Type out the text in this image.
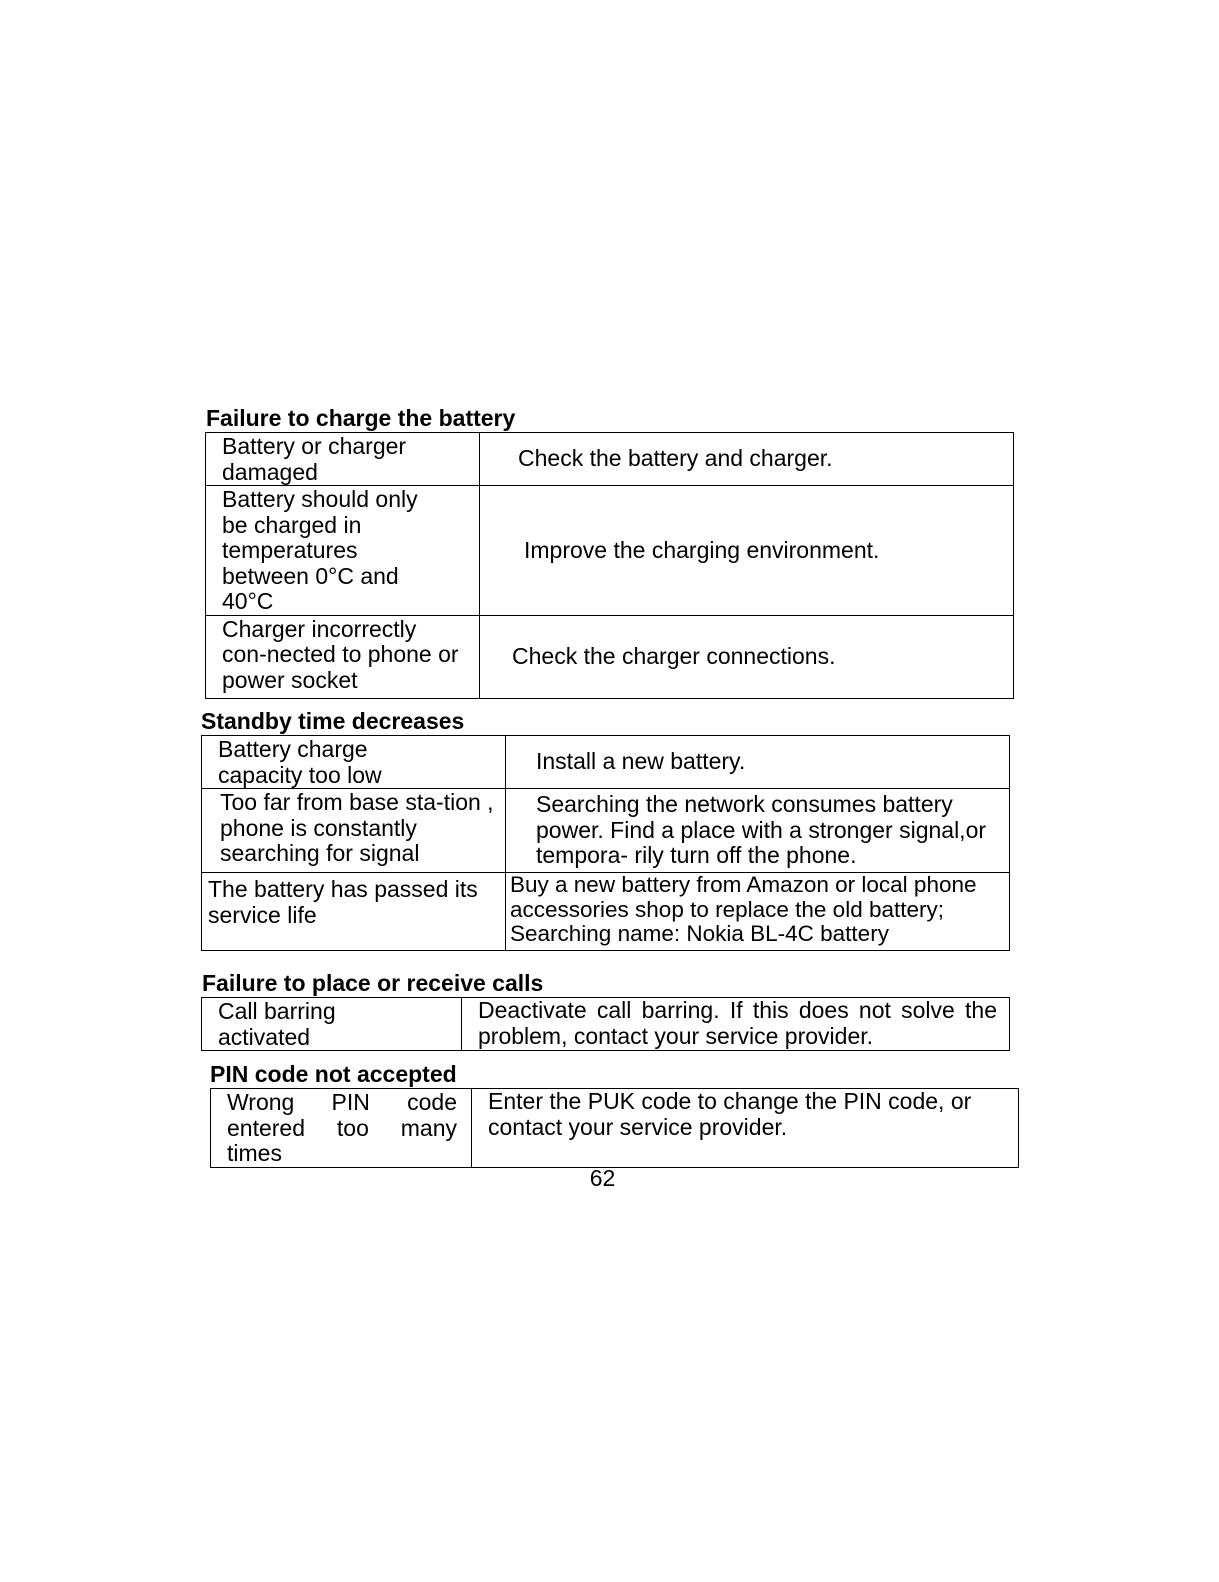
Failure to charge the battery
Battery or charger damaged	Check the battery and charger.
Battery should only be charged in temperatures between 0°C and 40°C	Improve the charging environment.
Charger incorrectly con-nected to phone or power socket	Check the charger connections.
Standby time decreases
Battery charge capacity too low	Install a new battery.
Too far from base sta-tion , phone is constantly searching for signal	Searching the network consumes battery power. Find a place with a stronger signal,or tempora- rily turn off the phone.
The battery has passed its service life	Buy a new battery from Amazon or local phone accessories shop to replace the old battery; Searching name: Nokia BL-4C battery
Failure to place or receive calls
Call barring activated	Deactivate call barring. If this does not solve the problem, contact your service provider.
PIN code not accepted
Wrong PIN code entered too many times	Enter the PUK code to change the PIN code, or contact your service provider.
62
